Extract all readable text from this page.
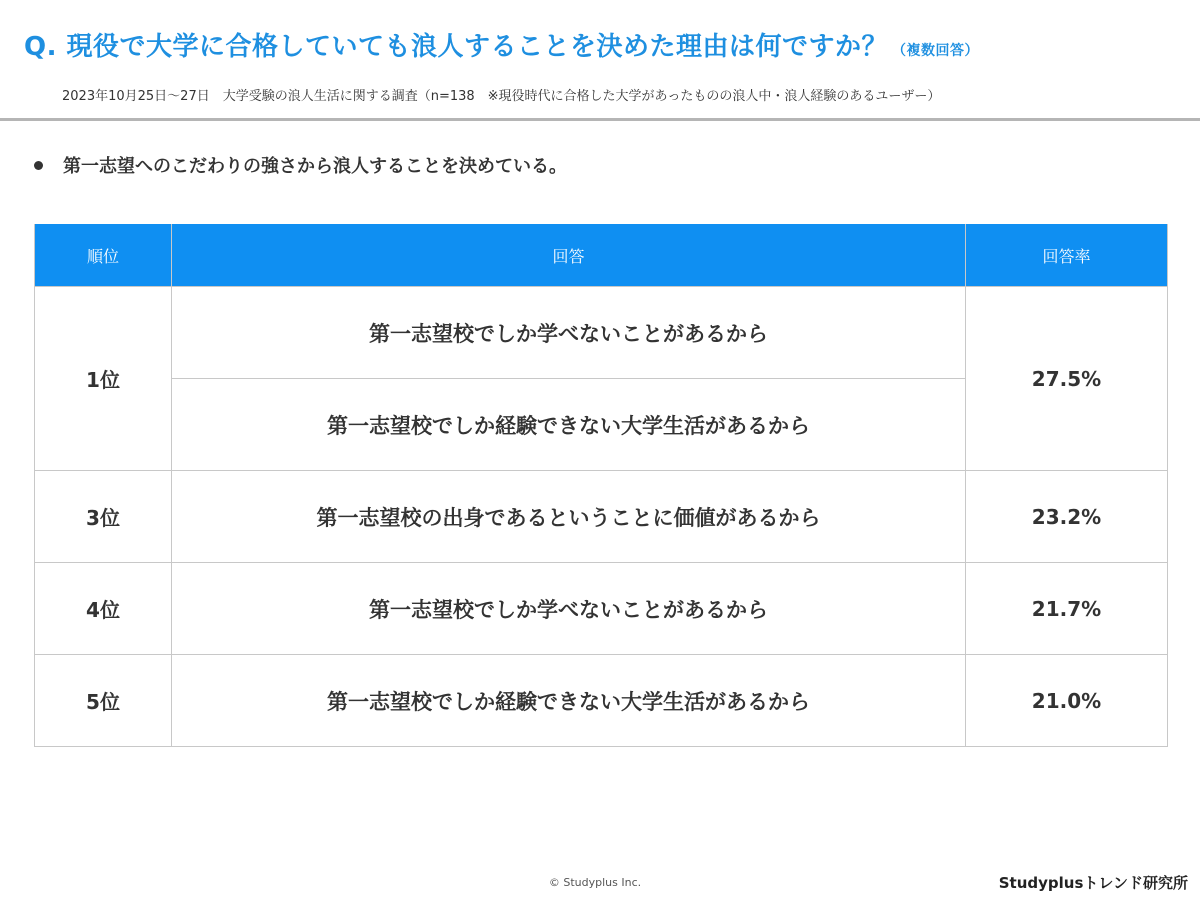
Q. 現役で大学に合格していても浪人することを決めた理由は何ですか？ （複数回答）
2023年10月25日～27日　大学受験の浪人生活に関する調査（n=138　※現役時代に合格した大学があったものの浪人中・浪人経験のあるユーザー）
第一志望へのこだわりの強さから浪人することを決めている。
順位	回答	回答率
1位	第一志望校でしか学べないことがあるから	27.5%
	第一志望校でしか経験できない大学生活があるから	
3位	第一志望校の出身であるということに価値があるから	23.2%
4位	第一志望校でしか学べないことがあるから	21.7%
5位	第一志望校でしか経験できない大学生活があるから	21.0%
© Studyplus Inc.	Studyplusトレンド研究所
